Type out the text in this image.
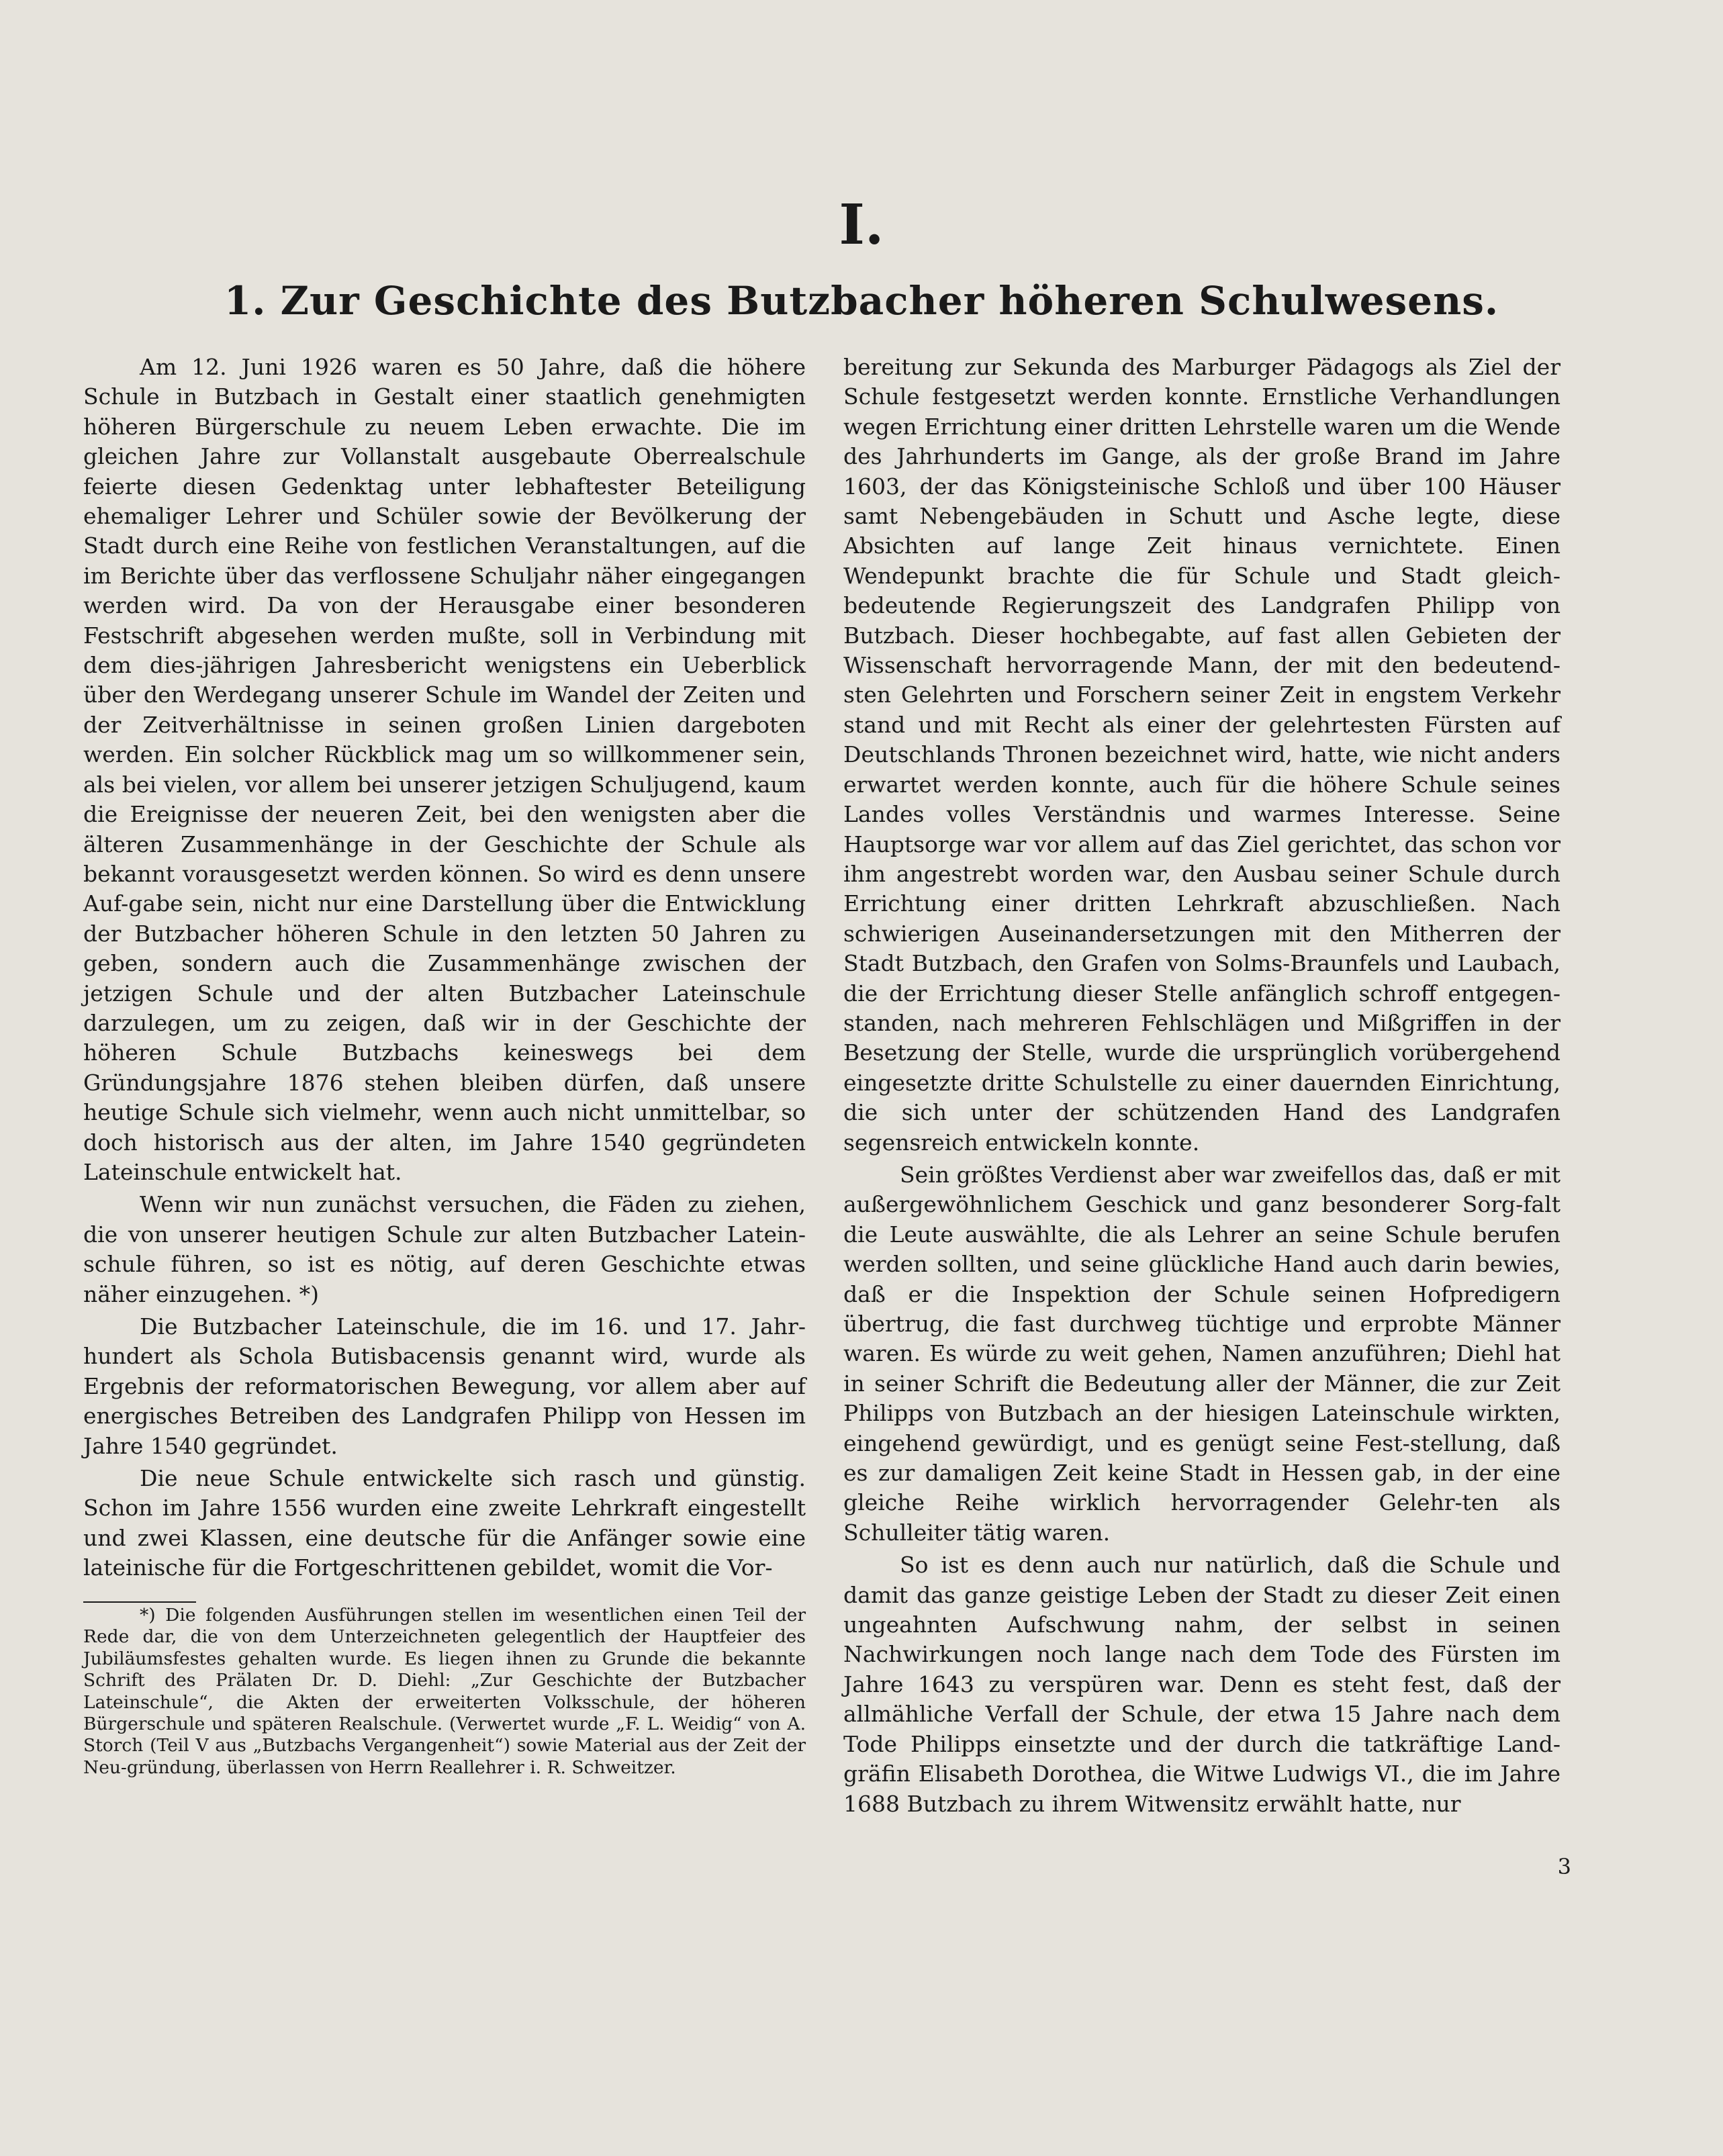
I.
1. Zur Geschichte des Butzbacher höheren Schulwesens.

Am 12. Juni 1926 waren es 50 Jahre, daß die höhere Schule in Butzbach in Gestalt einer staatlich genehmigten höheren Bürgerschule zu neuem Leben erwachte. Die im gleichen Jahre zur Vollanstalt ausgebaute Oberrealschule feierte diesen Gedenktag unter lebhaftester Beteiligung ehemaliger Lehrer und Schüler sowie der Bevölkerung der Stadt durch eine Reihe von festlichen Veranstaltungen, auf die im Berichte über das verflossene Schuljahr näher eingegangen werden wird. Da von der Herausgabe einer besonderen Festschrift abgesehen werden mußte, soll in Verbindung mit dem dies-jährigen Jahresbericht wenigstens ein Ueberblick über den Werdegang unserer Schule im Wandel der Zeiten und der Zeitverhältnisse in seinen großen Linien dargeboten werden. Ein solcher Rückblick mag um so willkommener sein, als bei vielen, vor allem bei unserer jetzigen Schuljugend, kaum die Ereignisse der neueren Zeit, bei den wenigsten aber die älteren Zusammenhänge in der Geschichte der Schule als bekannt vorausgesetzt werden können. So wird es denn unsere Auf-gabe sein, nicht nur eine Darstellung über die Entwicklung der Butzbacher höheren Schule in den letzten 50 Jahren zu geben, sondern auch die Zusammenhänge zwischen der jetzigen Schule und der alten Butzbacher Lateinschule darzulegen, um zu zeigen, daß wir in der Geschichte der höheren Schule Butzbachs keineswegs bei dem Gründungsjahre 1876 stehen bleiben dürfen, daß unsere heutige Schule sich vielmehr, wenn auch nicht unmittelbar, so doch historisch aus der alten, im Jahre 1540 gegründeten Lateinschule entwickelt hat.

Wenn wir nun zunächst versuchen, die Fäden zu ziehen, die von unserer heutigen Schule zur alten Butzbacher Latein-schule führen, so ist es nötig, auf deren Geschichte etwas näher einzugehen. *)

Die Butzbacher Lateinschule, die im 16. und 17. Jahr-hundert als Schola Butisbacensis genannt wird, wurde als Ergebnis der reformatorischen Bewegung, vor allem aber auf energisches Betreiben des Landgrafen Philipp von Hessen im Jahre 1540 gegründet.

Die neue Schule entwickelte sich rasch und günstig. Schon im Jahre 1556 wurden eine zweite Lehrkraft eingestellt und zwei Klassen, eine deutsche für die Anfänger sowie eine lateinische für die Fortgeschrittenen gebildet, womit die Vor-

bereitung zur Sekunda des Marburger Pädagogs als Ziel der Schule festgesetzt werden konnte. Ernstliche Verhandlungen wegen Errichtung einer dritten Lehrstelle waren um die Wende des Jahrhunderts im Gange, als der große Brand im Jahre 1603, der das Königsteinische Schloß und über 100 Häuser samt Nebengebäuden in Schutt und Asche legte, diese Absichten auf lange Zeit hinaus vernichtete. Einen Wendepunkt brachte die für Schule und Stadt gleich-bedeutende Regierungszeit des Landgrafen Philipp von Butzbach. Dieser hochbegabte, auf fast allen Gebieten der Wissenschaft hervorragende Mann, der mit den bedeutend-sten Gelehrten und Forschern seiner Zeit in engstem Verkehr stand und mit Recht als einer der gelehrtesten Fürsten auf Deutschlands Thronen bezeichnet wird, hatte, wie nicht anders erwartet werden konnte, auch für die höhere Schule seines Landes volles Verständnis und warmes Interesse. Seine Hauptsorge war vor allem auf das Ziel gerichtet, das schon vor ihm angestrebt worden war, den Ausbau seiner Schule durch Errichtung einer dritten Lehrkraft abzuschließen. Nach schwierigen Auseinandersetzungen mit den Mitherren der Stadt Butzbach, den Grafen von Solms-Braunfels und Laubach, die der Errichtung dieser Stelle anfänglich schroff entgegen-standen, nach mehreren Fehlschlägen und Mißgriffen in der Besetzung der Stelle, wurde die ursprünglich vorübergehend eingesetzte dritte Schulstelle zu einer dauernden Einrichtung, die sich unter der schützenden Hand des Landgrafen segensreich entwickeln konnte.

Sein größtes Verdienst aber war zweifellos das, daß er mit außergewöhnlichem Geschick und ganz besonderer Sorg-falt die Leute auswählte, die als Lehrer an seine Schule berufen werden sollten, und seine glückliche Hand auch darin bewies, daß er die Inspektion der Schule seinen Hofpredigern übertrug, die fast durchweg tüchtige und erprobte Männer waren. Es würde zu weit gehen, Namen anzuführen; Diehl hat in seiner Schrift die Bedeutung aller der Männer, die zur Zeit Philipps von Butzbach an der hiesigen Lateinschule wirkten, eingehend gewürdigt, und es genügt seine Fest-stellung, daß es zur damaligen Zeit keine Stadt in Hessen gab, in der eine gleiche Reihe wirklich hervorragender Gelehr-ten als Schulleiter tätig waren.

So ist es denn auch nur natürlich, daß die Schule und damit das ganze geistige Leben der Stadt zu dieser Zeit einen ungeahnten Aufschwung nahm, der selbst in seinen Nachwirkungen noch lange nach dem Tode des Fürsten im Jahre 1643 zu verspüren war. Denn es steht fest, daß der allmähliche Verfall der Schule, der etwa 15 Jahre nach dem Tode Philipps einsetzte und der durch die tatkräftige Land-gräfin Elisabeth Dorothea, die Witwe Ludwigs VI., die im Jahre 1688 Butzbach zu ihrem Witwensitz erwählt hatte, nur

*) Die folgenden Ausführungen stellen im wesentlichen einen Teil der Rede dar, die von dem Unterzeichneten gelegentlich der Hauptfeier des Jubiläumsfestes gehalten wurde. Es liegen ihnen zu Grunde die bekannte Schrift des Prälaten Dr. D. Diehl: „Zur Geschichte der Butzbacher Lateinschule“, die Akten der erweiterten Volksschule, der höheren Bürgerschule und späteren Realschule. (Verwertet wurde „F. L. Weidig“ von A. Storch (Teil V aus „Butzbachs Vergangenheit“) sowie Material aus der Zeit der Neu-gründung, überlassen von Herrn Reallehrer i. R. Schweitzer.

3
